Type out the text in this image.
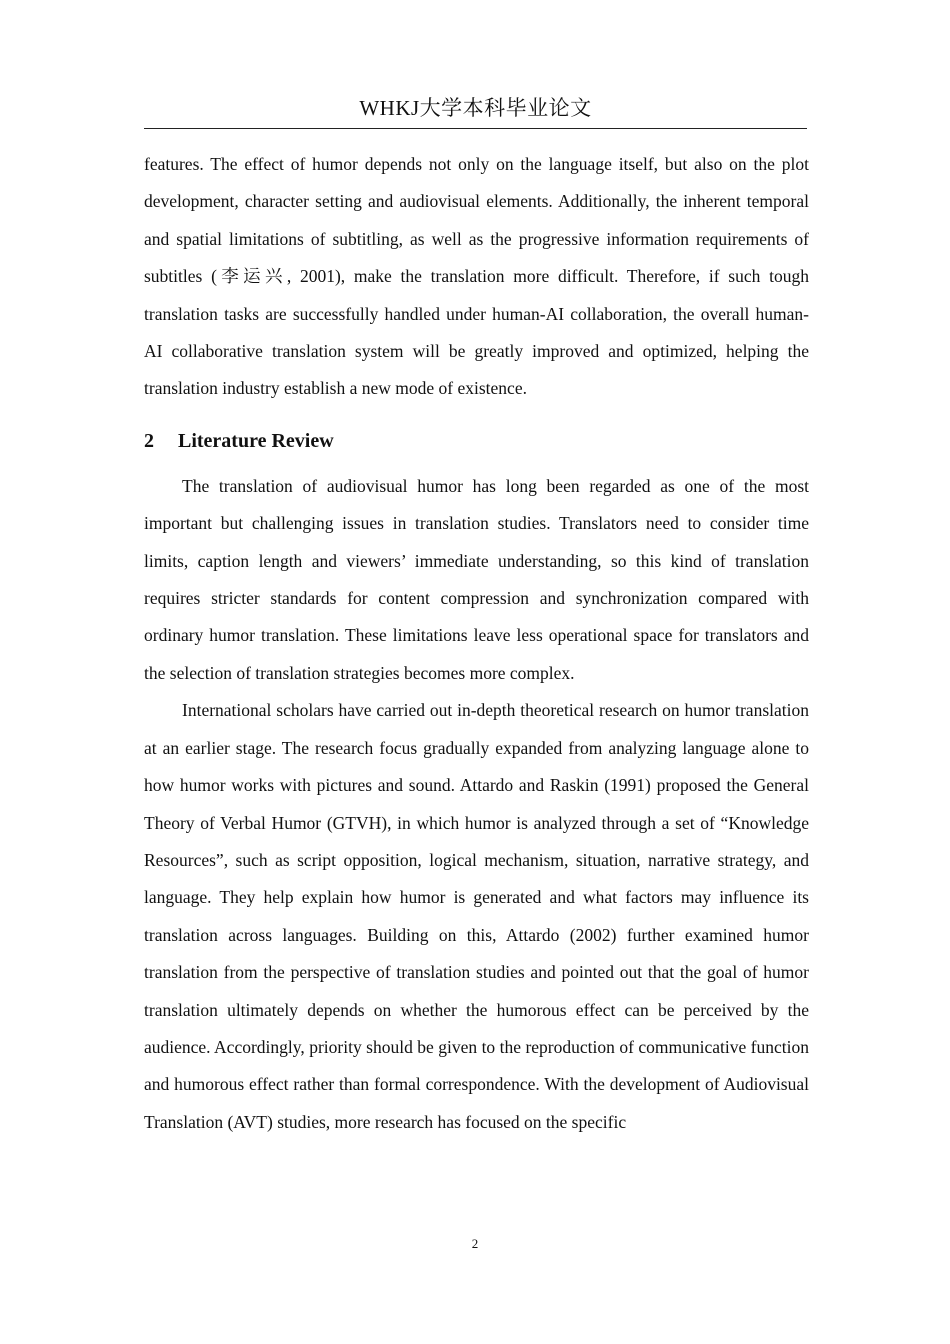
WHKJ大学本科毕业论文

features. The effect of humor depends not only on the language itself, but also on the plot development, character setting and audiovisual elements. Additionally, the inherent temporal and spatial limitations of subtitling, as well as the progressive information requirements of subtitles (李运兴, 2001), make the translation more difficult. Therefore, if such tough translation tasks are successfully handled under human-AI collaboration, the overall human-AI collaborative translation system will be greatly improved and optimized, helping the translation industry establish a new mode of existence.

2 Literature Review

The translation of audiovisual humor has long been regarded as one of the most important but challenging issues in translation studies. Translators need to consider time limits, caption length and viewers’ immediate understanding, so this kind of translation requires stricter standards for content compression and synchronization compared with ordinary humor translation. These limitations leave less operational space for translators and the selection of translation strategies becomes more complex.

International scholars have carried out in-depth theoretical research on humor translation at an earlier stage. The research focus gradually expanded from analyzing language alone to how humor works with pictures and sound. Attardo and Raskin (1991) proposed the General Theory of Verbal Humor (GTVH), in which humor is analyzed through a set of “Knowledge Resources”, such as script opposition, logical mechanism, situation, narrative strategy, and language. They help explain how humor is generated and what factors may influence its translation across languages. Building on this, Attardo (2002) further examined humor translation from the perspective of translation studies and pointed out that the goal of humor translation ultimately depends on whether the humorous effect can be perceived by the audience. Accordingly, priority should be given to the reproduction of communicative function and humorous effect rather than formal correspondence. With the development of Audiovisual Translation (AVT) studies, more research has focused on the specific

2
